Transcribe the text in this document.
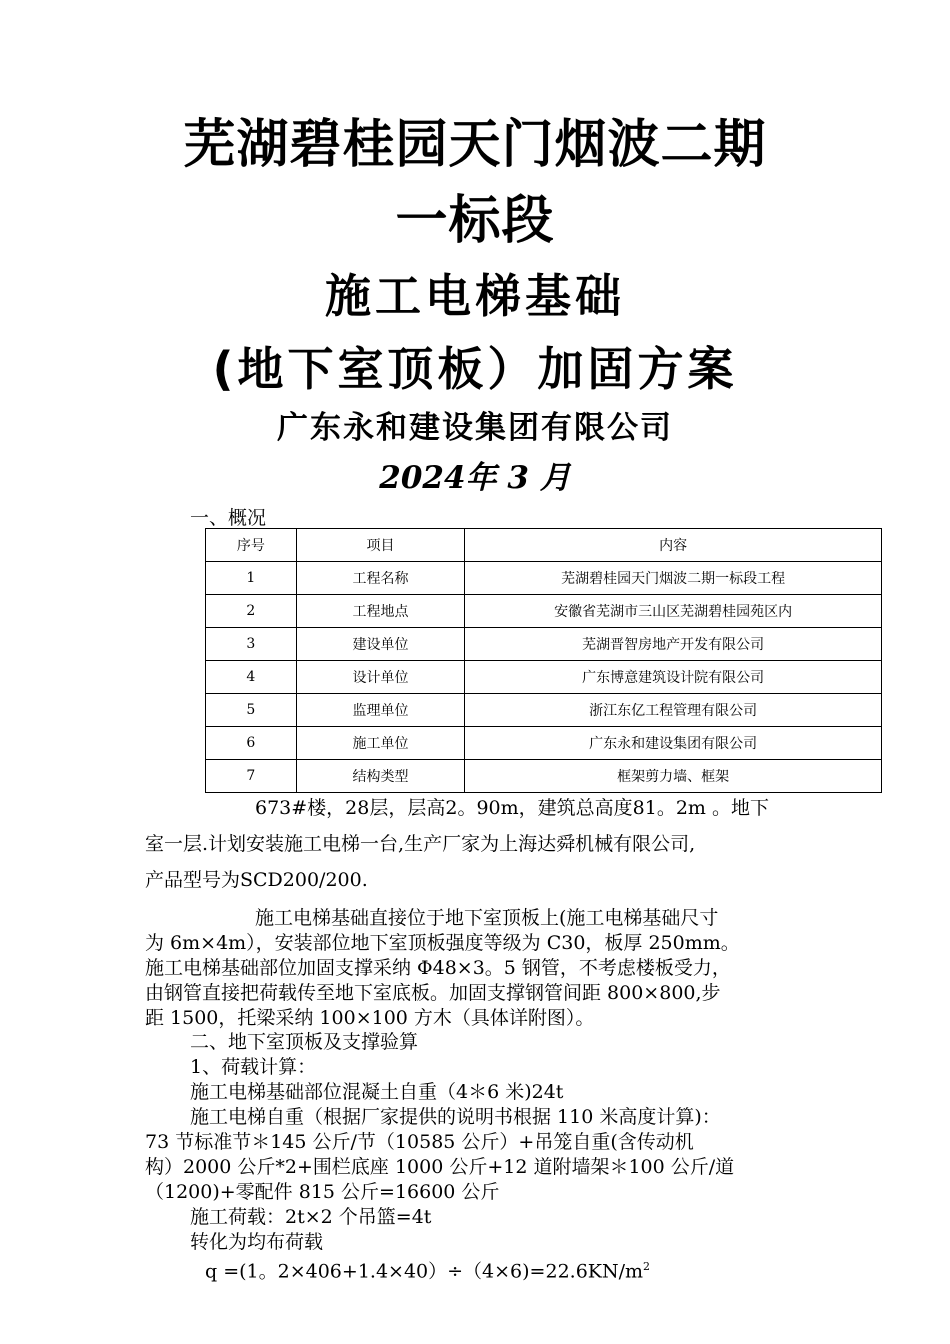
芜湖碧桂园天门烟波二期
一标段
施工电梯基础
(地下室顶板）加固方案
广东永和建设集团有限公司
2024年 3 月
一、概况
序号	项目	内容
1	工程名称	芜湖碧桂园天门烟波二期一标段工程
2	工程地点	安徽省芜湖市三山区芜湖碧桂园苑区内
3	建设单位	芜湖晋智房地产开发有限公司
4	设计单位	广东博意建筑设计院有限公司
5	监理单位	浙江东亿工程管理有限公司
6	施工单位	广东永和建设集团有限公司
7	结构类型	框架剪力墙、框架
673#楼，28层，层高2。90m，建筑总高度81。2m 。地下
室一层.计划安装施工电梯一台,生产厂家为上海达舜机械有限公司,
产品型号为SCD200/200.
施工电梯基础直接位于地下室顶板上(施工电梯基础尺寸
为 6m×4m），安装部位地下室顶板强度等级为 C30，板厚 250mm。
施工电梯基础部位加固支撑采纳 Φ48×3。5 钢管，不考虑楼板受力，
由钢管直接把荷载传至地下室底板。加固支撑钢管间距 800×800,步
距 1500，托梁采纳 100×100 方木（具体详附图）。
二、地下室顶板及支撑验算
1、荷载计算：
施工电梯基础部位混凝土自重（4＊6 米)24t
施工电梯自重（根据厂家提供的说明书根据 110 米高度计算)：
73 节标准节＊145 公斤/节（10585 公斤）+吊笼自重(含传动机
构）2000 公斤*2+围栏底座 1000 公斤+12 道附墙架＊100 公斤/道
（1200)+零配件 815 公斤=16600 公斤
施工荷载：2t×2 个吊篮=4t
转化为均布荷载
q =(1。$2\times 406+1.4\times 40)\div(4\times 6)=22.6KN/m^2$
